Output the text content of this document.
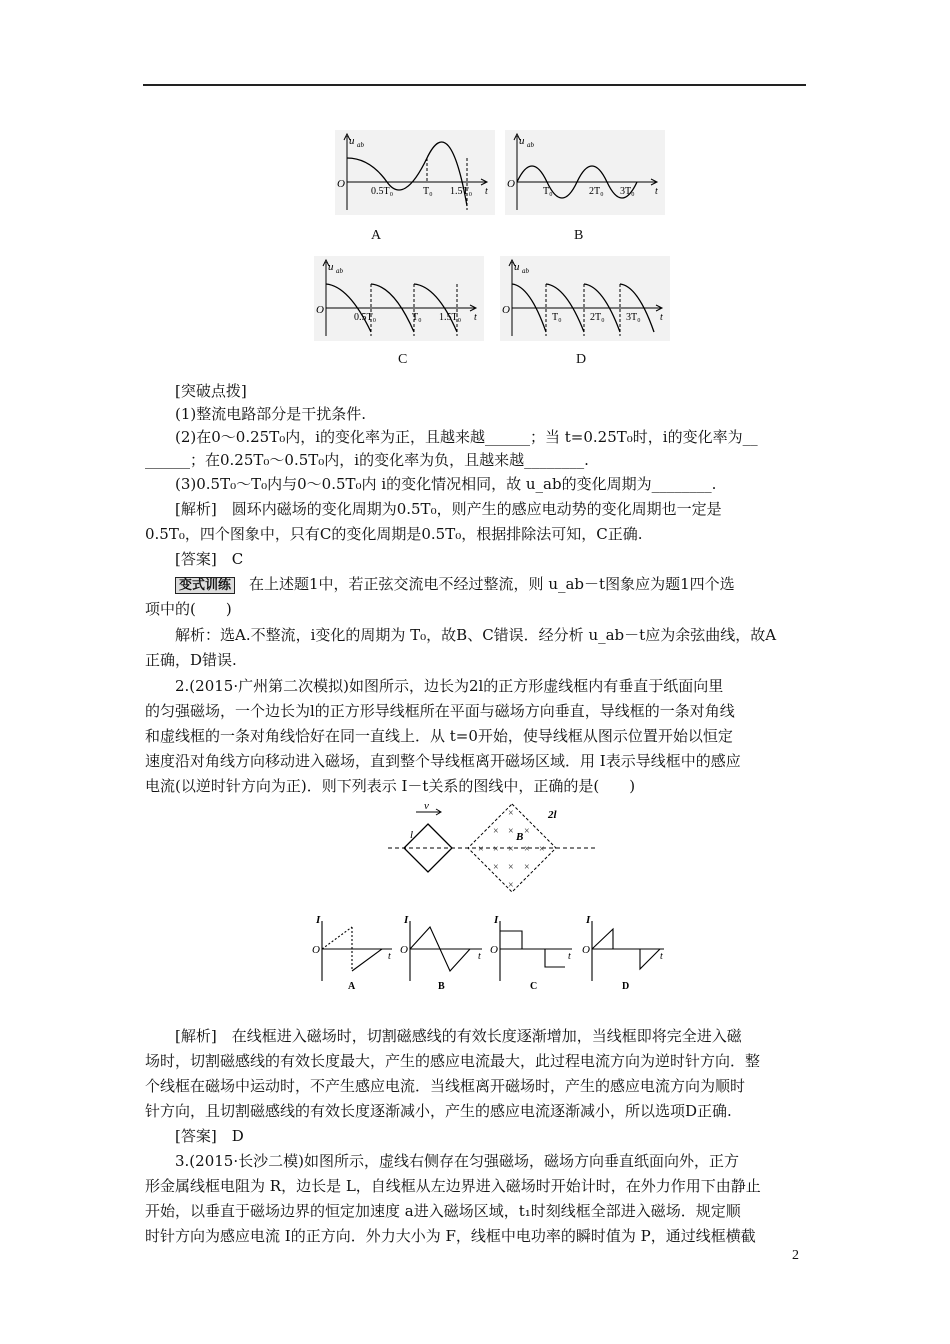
u ab
O
0.5T₀	T₀ 1.5T₀ t
A
u ab
O
T₀	2T₀ 3T₀ t
B
u ab
O
0.5T₀	T₀ 1.5T₀ t
C
u ab
O
T₀	2T₀ 3T₀ t
D
[突破点拨]
(1)整流电路部分是干扰条件.
(2)在0～0.25T₀内，i的变化率为正，且越来越______；当 t=0.25T₀时，i的变化率为__
______；在0.25T₀～0.5T₀内，i的变化率为负，且越来越________.
(3)0.5T₀～T₀内与0～0.5T₀内 i的变化情况相同，故 u_ab的变化周期为________.
[解析]　圆环内磁场的变化周期为0.5T₀，则产生的感应电动势的变化周期也一定是
0.5T₀，四个图象中，只有C的变化周期是0.5T₀，根据排除法可知，C正确.
[答案]　C
变式训练 在上述题1中，若正弦交流电不经过整流，则 u_ab－t图象应为题1四个选
项中的(　　)
解析：选A.不整流，i变化的周期为 T₀，故B、C错误．经分析 u_ab－t应为余弦曲线，故A
正确，D错误.
2.(2015·广州第二次模拟)如图所示，边长为2l的正方形虚线框内有垂直于纸面向里
的匀强磁场，一个边长为l的正方形导线框所在平面与磁场方向垂直，导线框的一条对角线
和虚线框的一条对角线恰好在同一直线上．从 t=0开始，使导线框从图示位置开始以恒定
速度沿对角线方向移动进入磁场，直到整个导线框离开磁场区域．用 I表示导线框中的感应
电流(以逆时针方向为正)．则下列表示 I－t关系的图线中，正确的是(　　)
v
l
2l
B
×
× × ×
× × × × ×
× × ×
×
I
O
t
I
O
t
I
O
t
I
O
t
A	B	C	D
[解析]　在线框进入磁场时，切割磁感线的有效长度逐渐增加，当线框即将完全进入磁
场时，切割磁感线的有效长度最大，产生的感应电流最大，此过程电流方向为逆时针方向．整
个线框在磁场中运动时，不产生感应电流．当线框离开磁场时，产生的感应电流方向为顺时
针方向，且切割磁感线的有效长度逐渐减小，产生的感应电流逐渐减小，所以选项D正确.
[答案]　D
3.(2015·长沙二模)如图所示，虚线右侧存在匀强磁场，磁场方向垂直纸面向外，正方
形金属线框电阻为 R，边长是 L，自线框从左边界进入磁场时开始计时，在外力作用下由静止
开始，以垂直于磁场边界的恒定加速度 a进入磁场区域，t₁时刻线框全部进入磁场．规定顺
时针方向为感应电流 I的正方向．外力大小为 F，线框中电功率的瞬时值为 P，通过线框横截
2
